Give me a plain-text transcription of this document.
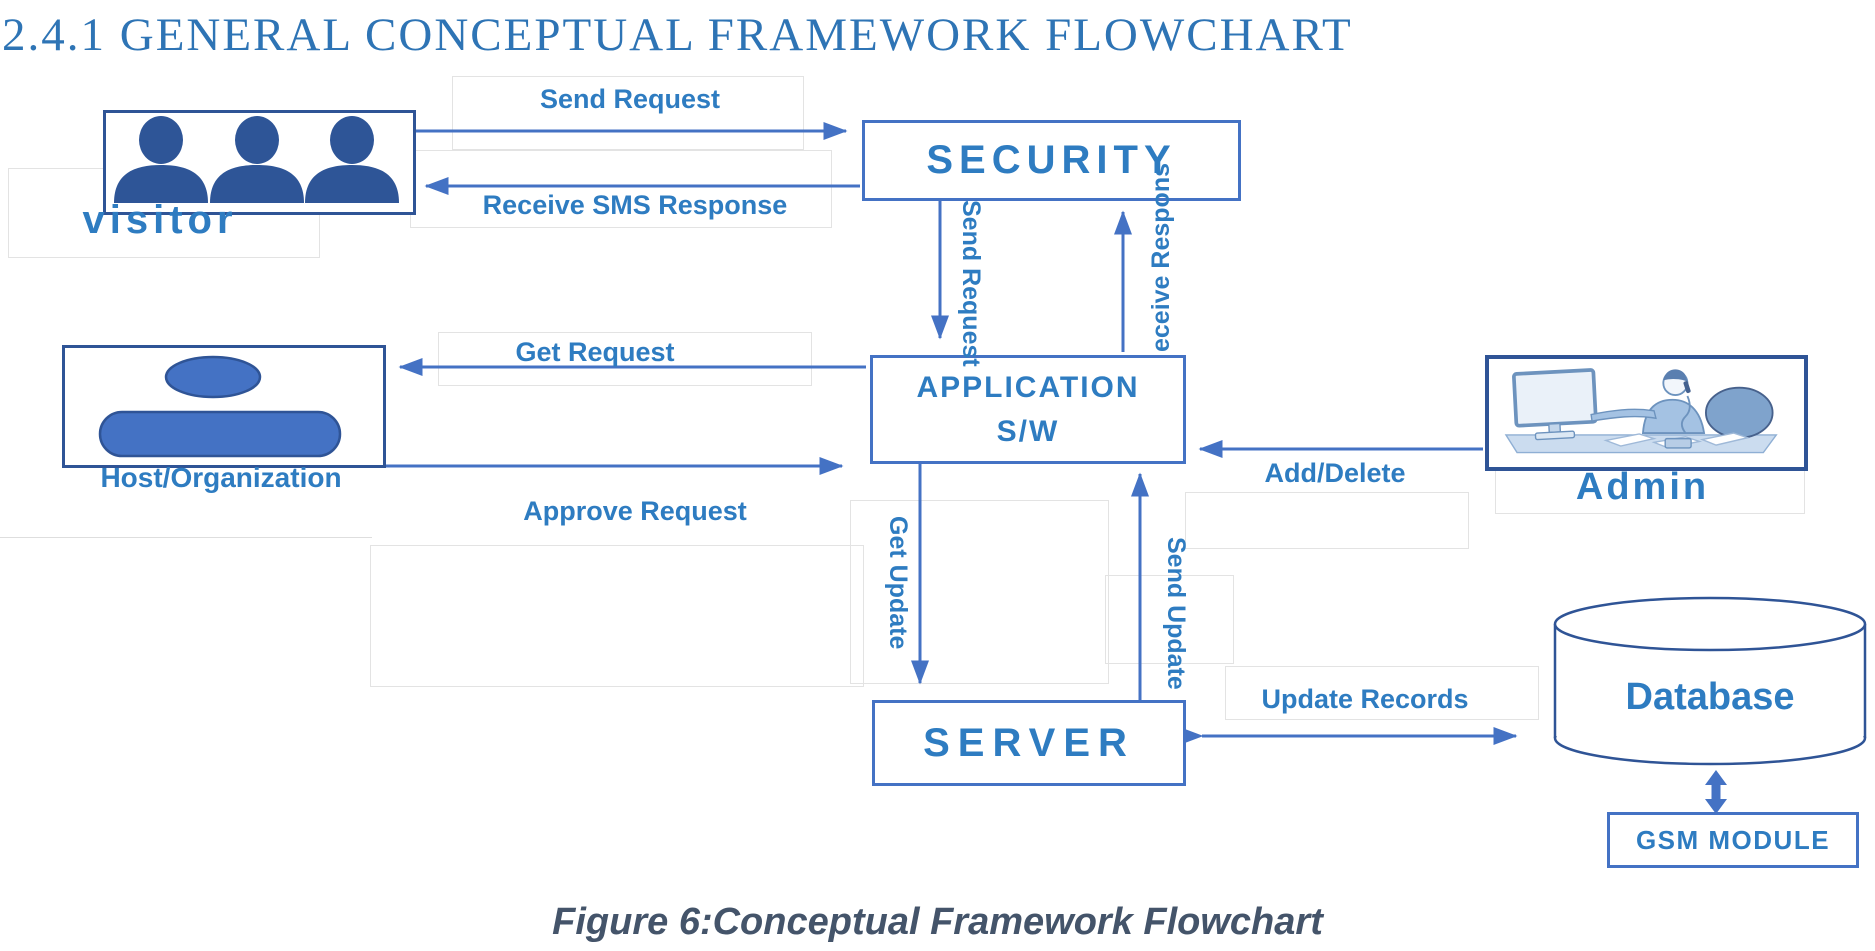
2.4.1 GENERAL CONCEPTUAL FRAMEWORK FLOWCHART
visitor
SECURITY
APPLICATION
S/W
Host/Organization	Admin
SERVER
Database
GSM MODULE
Send Request
Receive SMS Response
Get Request
Approve Request
Add/Delete
Update Records
Send Request	eceive Respons
Get Update	Send Update
Figure 6:Conceptual Framework Flowchart
